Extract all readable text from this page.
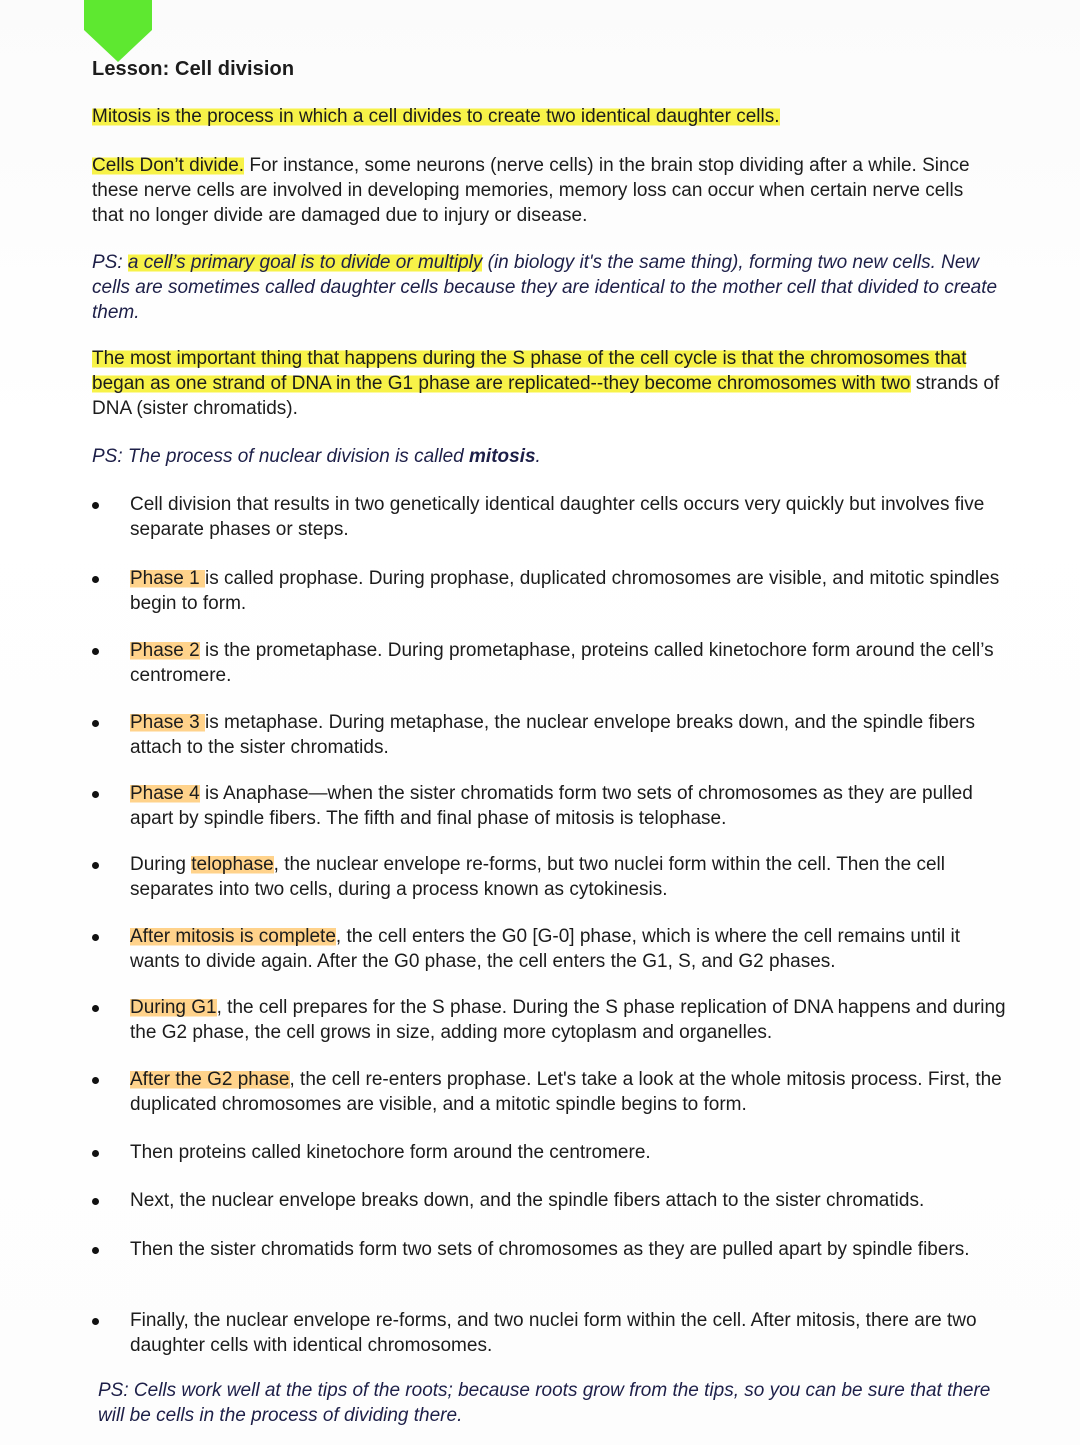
Lesson: Cell division
Mitosis is the process in which a cell divides to create two identical daughter cells.
Cells Don’t divide. For instance, some neurons (nerve cells) in the brain stop dividing after a while. Since these nerve cells are involved in developing memories, memory loss can occur when certain nerve cells that no longer divide are damaged due to injury or disease.
PS: a cell’s primary goal is to divide or multiply (in biology it's the same thing), forming two new cells. New cells are sometimes called daughter cells because they are identical to the mother cell that divided to create them.
The most important thing that happens during the S phase of the cell cycle is that the chromosomes that began as one strand of DNA in the G1 phase are replicated--they become chromosomes with two strands of DNA (sister chromatids).
PS: The process of nuclear division is called mitosis.
Cell division that results in two genetically identical daughter cells occurs very quickly but involves five separate phases or steps.
Phase 1 is called prophase. During prophase, duplicated chromosomes are visible, and mitotic spindles begin to form.
Phase 2 is the prometaphase. During prometaphase, proteins called kinetochore form around the cell’s centromere.
Phase 3 is metaphase. During metaphase, the nuclear envelope breaks down, and the spindle fibers attach to the sister chromatids.
Phase 4 is Anaphase—when the sister chromatids form two sets of chromosomes as they are pulled apart by spindle fibers. The fifth and final phase of mitosis is telophase.
During telophase, the nuclear envelope re-forms, but two nuclei form within the cell. Then the cell separates into two cells, during a process known as cytokinesis.
After mitosis is complete, the cell enters the G0 [G-0] phase, which is where the cell remains until it wants to divide again. After the G0 phase, the cell enters the G1, S, and G2 phases.
During G1, the cell prepares for the S phase. During the S phase replication of DNA happens and during the G2 phase, the cell grows in size, adding more cytoplasm and organelles.
After the G2 phase, the cell re-enters prophase. Let's take a look at the whole mitosis process. First, the duplicated chromosomes are visible, and a mitotic spindle begins to form.
Then proteins called kinetochore form around the centromere.
Next, the nuclear envelope breaks down, and the spindle fibers attach to the sister chromatids.
Then the sister chromatids form two sets of chromosomes as they are pulled apart by spindle fibers.
Finally, the nuclear envelope re-forms, and two nuclei form within the cell. After mitosis, there are two daughter cells with identical chromosomes.
PS: Cells work well at the tips of the roots; because roots grow from the tips, so you can be sure that there will be cells in the process of dividing there.
